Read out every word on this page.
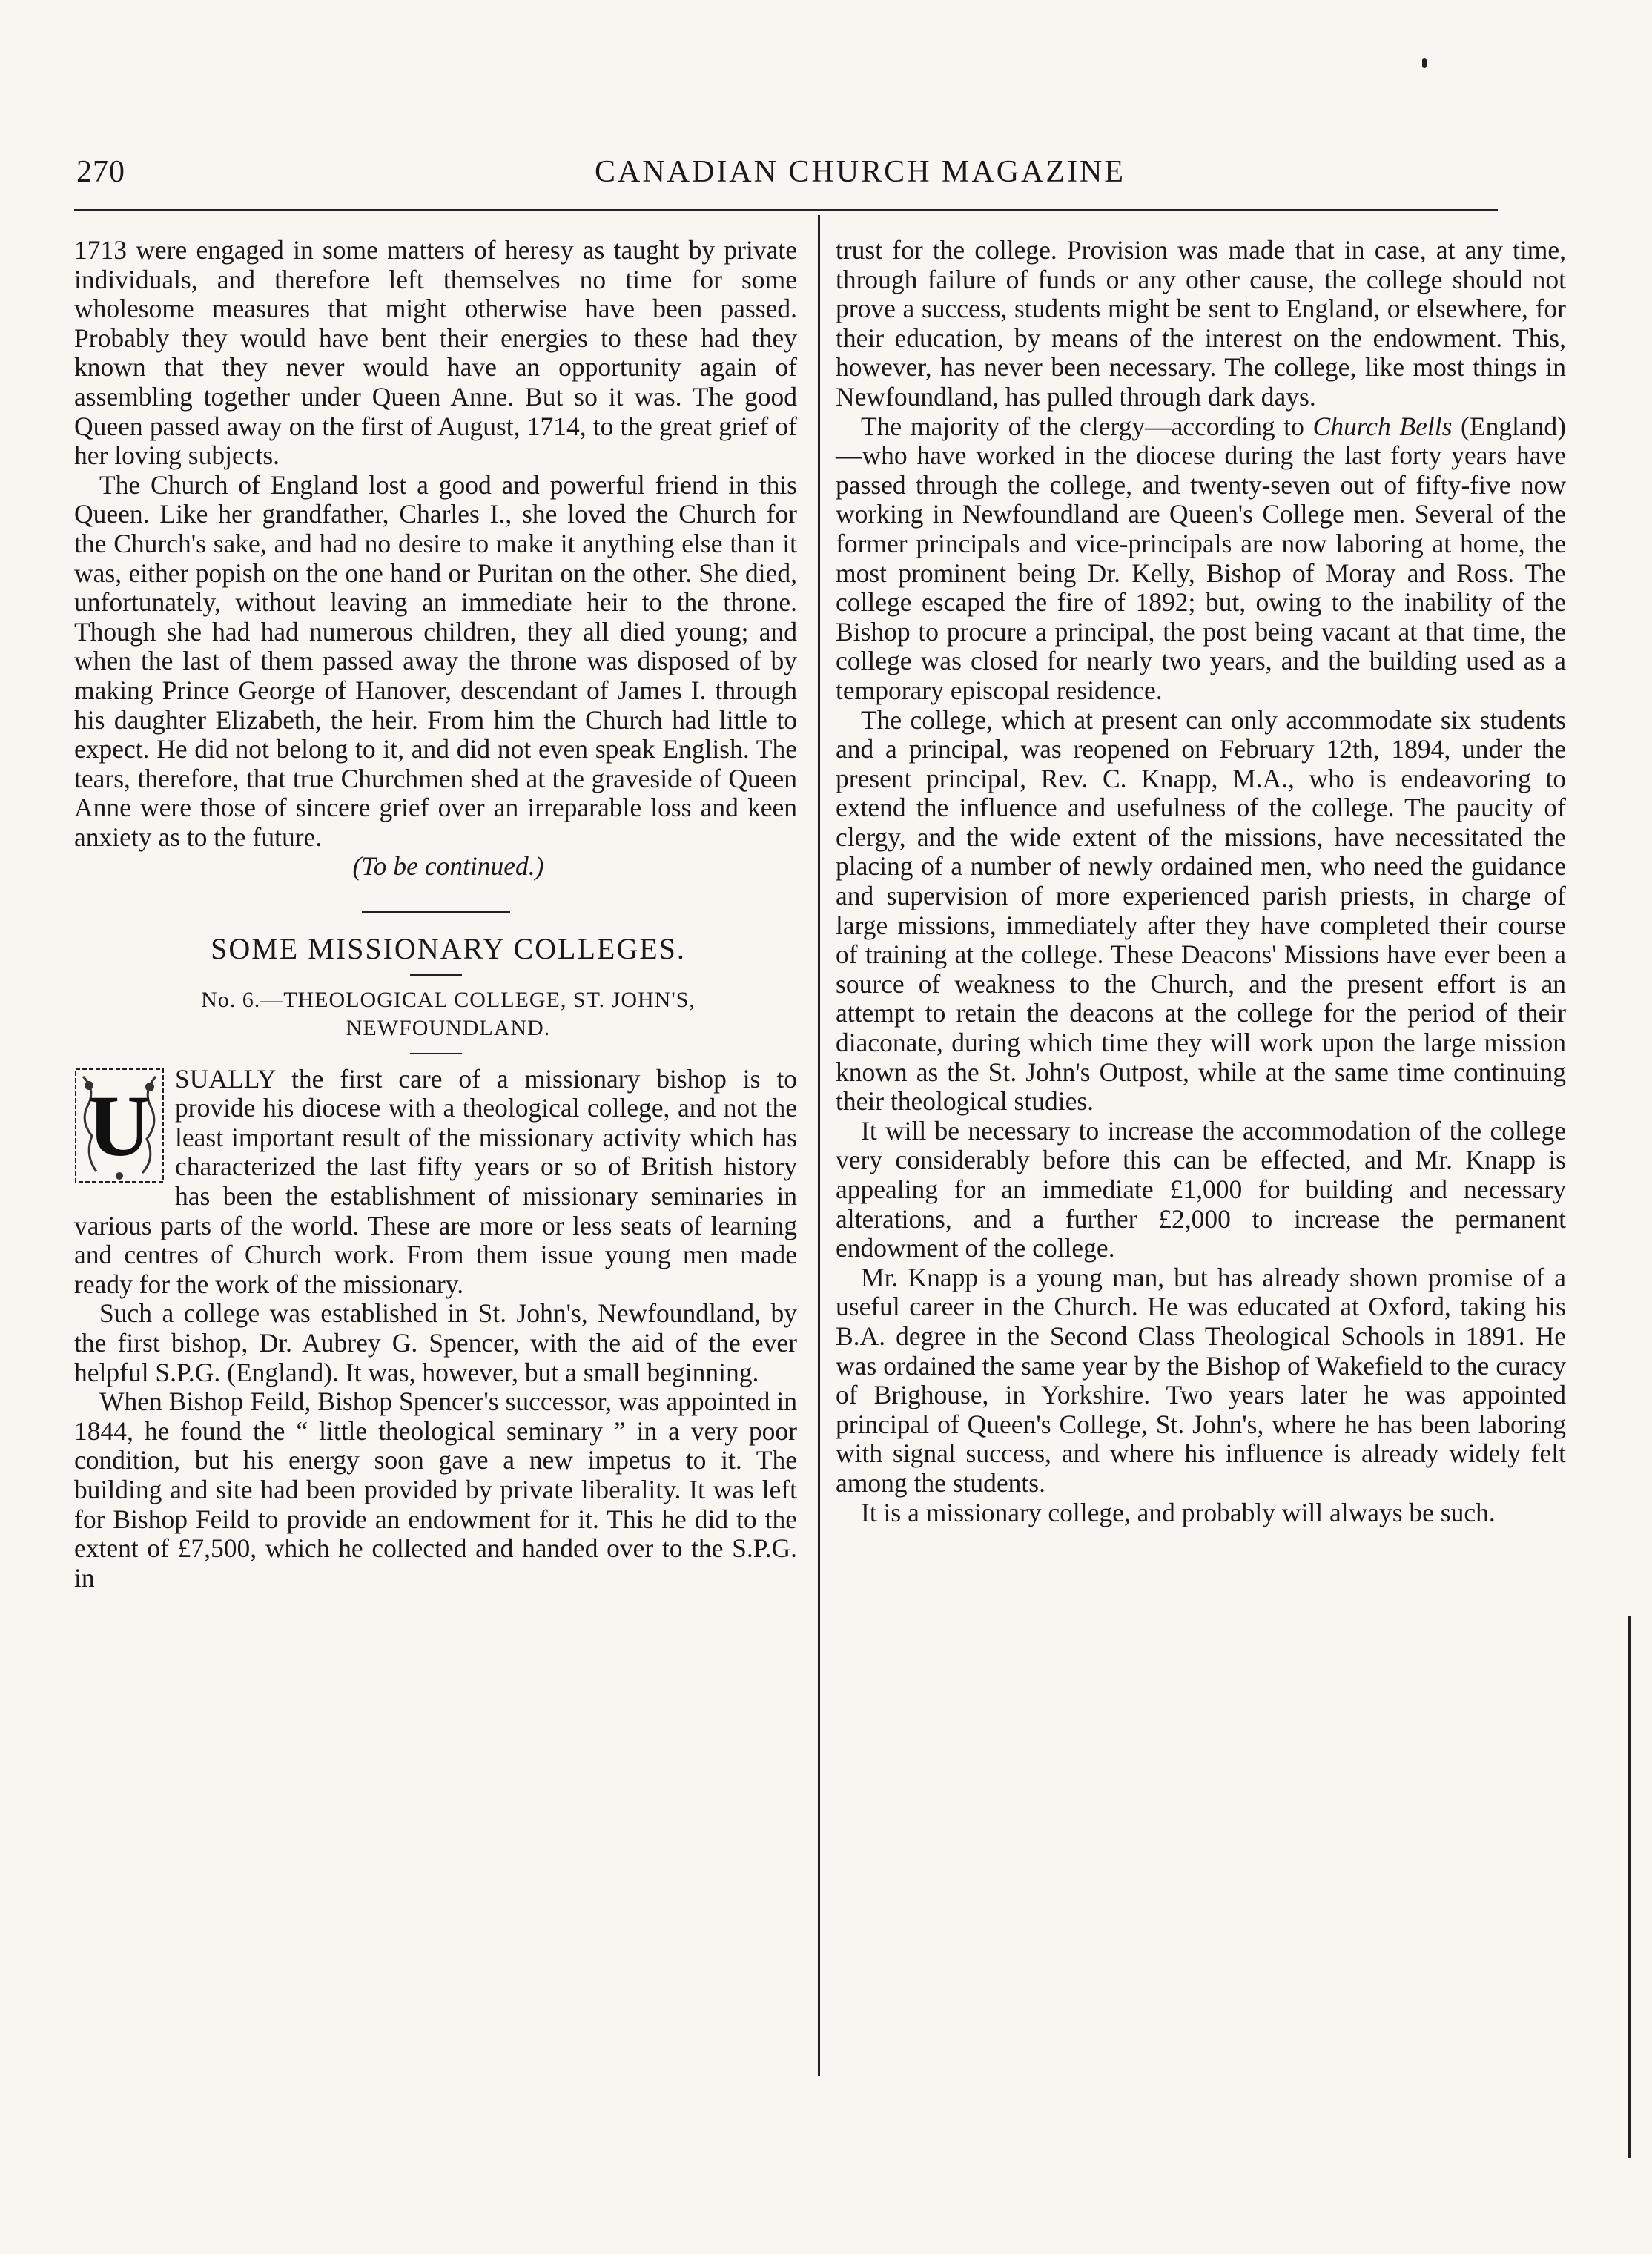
270	CANADIAN CHURCH MAGAZINE

1713 were engaged in some matters of heresy as taught by private individuals, and therefore left themselves no time for some wholesome measures that might otherwise have been passed. Probably they would have bent their energies to these had they known that they never would have an opportunity again of assembling together under Queen Anne. But so it was. The good Queen passed away on the first of August, 1714, to the great grief of her loving subjects.

The Church of England lost a good and powerful friend in this Queen. Like her grandfather, Charles I., she loved the Church for the Church's sake, and had no desire to make it anything else than it was, either popish on the one hand or Puritan on the other. She died, unfortunately, without leaving an immediate heir to the throne. Though she had had numerous children, they all died young; and when the last of them passed away the throne was disposed of by making Prince George of Hanover, descendant of James I. through his daughter Elizabeth, the heir. From him the Church had little to expect. He did not belong to it, and did not even speak English. The tears, therefore, that true Churchmen shed at the graveside of Queen Anne were those of sincere grief over an irreparable loss and keen anxiety as to the future.

(To be continued.)

SOME MISSIONARY COLLEGES.

No. 6.—THEOLOGICAL COLLEGE, ST. JOHN'S,

NEWFOUNDLAND.

U SUALLY the first care of a missionary bishop is to provide his diocese with a theological college, and not the least important result of the missionary activity which has characterized the last fifty years or so of British history has been the establishment of missionary seminaries in various parts of the world. These are more or less seats of learning and centres of Church work. From them issue young men made ready for the work of the missionary.

Such a college was established in St. John's, Newfoundland, by the first bishop, Dr. Aubrey G. Spencer, with the aid of the ever helpful S.P.G. (England). It was, however, but a small beginning.

When Bishop Feild, Bishop Spencer's successor, was appointed in 1844, he found the “ little theological seminary ” in a very poor condition, but his energy soon gave a new impetus to it. The building and site had been provided by private liberality. It was left for Bishop Feild to provide an endowment for it. This he did to the extent of £7,500, which he collected and handed over to the S.P.G. in

trust for the college. Provision was made that in case, at any time, through failure of funds or any other cause, the college should not prove a success, students might be sent to England, or elsewhere, for their education, by means of the interest on the endowment. This, however, has never been necessary. The college, like most things in Newfoundland, has pulled through dark days.

The majority of the clergy—according to Church Bells (England)—who have worked in the diocese during the last forty years have passed through the college, and twenty-seven out of fifty-five now working in Newfoundland are Queen's College men. Several of the former principals and vice-principals are now laboring at home, the most prominent being Dr. Kelly, Bishop of Moray and Ross. The college escaped the fire of 1892; but, owing to the inability of the Bishop to procure a principal, the post being vacant at that time, the college was closed for nearly two years, and the building used as a temporary episcopal residence.

The college, which at present can only accommodate six students and a principal, was reopened on February 12th, 1894, under the present principal, Rev. C. Knapp, M.A., who is endeavoring to extend the influence and usefulness of the college. The paucity of clergy, and the wide extent of the missions, have necessitated the placing of a number of newly ordained men, who need the guidance and supervision of more experienced parish priests, in charge of large missions, immediately after they have completed their course of training at the college. These Deacons' Missions have ever been a source of weakness to the Church, and the present effort is an attempt to retain the deacons at the college for the period of their diaconate, during which time they will work upon the large mission known as the St. John's Outpost, while at the same time continuing their theological studies.

It will be necessary to increase the accommodation of the college very considerably before this can be effected, and Mr. Knapp is appealing for an immediate £1,000 for building and necessary alterations, and a further £2,000 to increase the permanent endowment of the college.

Mr. Knapp is a young man, but has already shown promise of a useful career in the Church. He was educated at Oxford, taking his B.A. degree in the Second Class Theological Schools in 1891. He was ordained the same year by the Bishop of Wakefield to the curacy of Brighouse, in Yorkshire. Two years later he was appointed principal of Queen's College, St. John's, where he has been laboring with signal success, and where his influence is already widely felt among the students.

It is a missionary college, and probably will always be such.
